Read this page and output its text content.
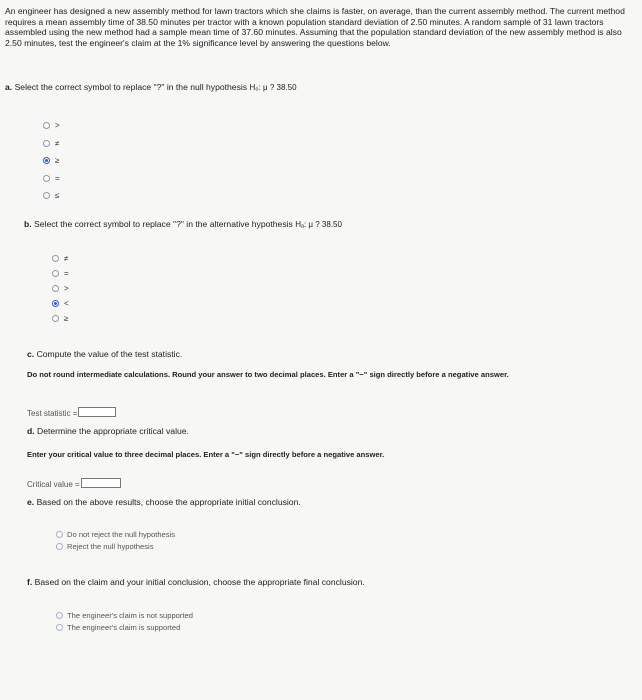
An engineer has designed a new assembly method for lawn tractors which she claims is faster, on average, than the current assembly method. The current method requires a mean assembly time of 38.50 minutes per tractor with a known population standard deviation of 2.50 minutes. A random sample of 31 lawn tractors assembled using the new method had a sample mean time of 37.60 minutes. Assuming that the population standard deviation of the new assembly method is also 2.50 minutes, test the engineer's claim at the 1% significance level by answering the questions below.
a. Select the correct symbol to replace "?" in the null hypothesis H₀: μ ? 38.50
>
≠
≥
=
≤
b. Select the correct symbol to replace "?" in the alternative hypothesis Hₐ: μ ? 38.50
≠
=
>
<
≥
c. Compute the value of the test statistic.
Do not round intermediate calculations. Round your answer to two decimal places. Enter a "−" sign directly before a negative answer.
Test statistic =
d. Determine the appropriate critical value.
Enter your critical value to three decimal places. Enter a "−" sign directly before a negative answer.
Critical value =
e. Based on the above results, choose the appropriate initial conclusion.
Do not reject the null hypothesis
Reject the null hypothesis
f. Based on the claim and your initial conclusion, choose the appropriate final conclusion.
The engineer's claim is not supported
The engineer's claim is supported
